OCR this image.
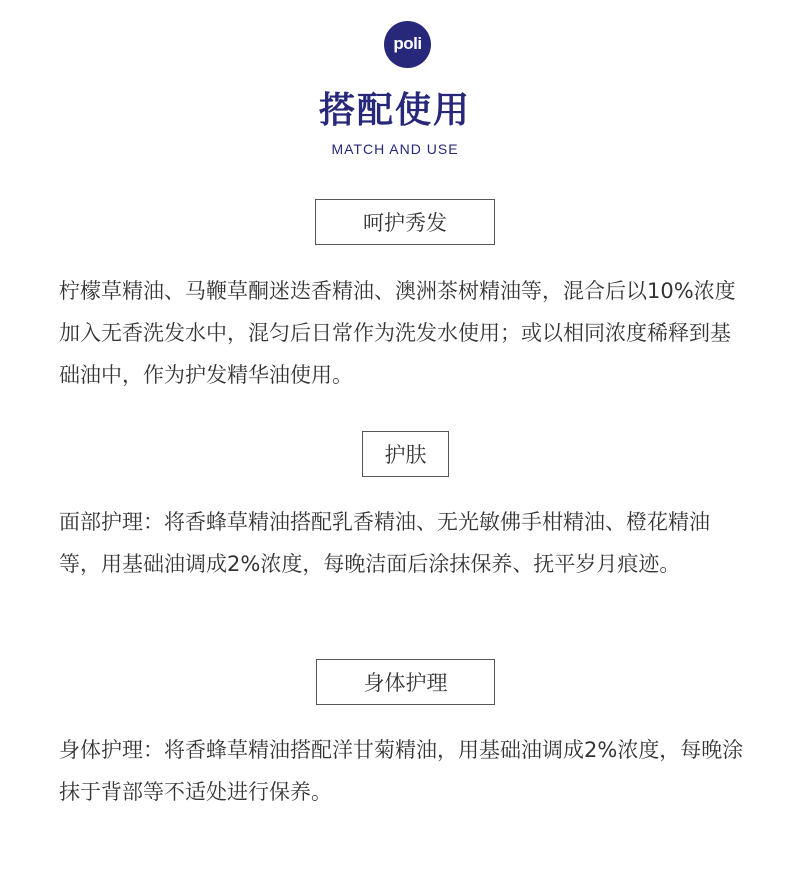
poli
搭配使用
MATCH AND USE
呵护秀发

柠檬草精油、马鞭草酮迷迭香精油、澳洲茶树精油等，混合后以10%浓度加入无香洗发水中，混匀后日常作为洗发水使用；或以相同浓度稀释到基础油中，作为护发精华油使用。

护肤

面部护理：将香蜂草精油搭配乳香精油、无光敏佛手柑精油、橙花精油等，用基础油调成2%浓度，每晚洁面后涂抹保养、抚平岁月痕迹。

身体护理

身体护理：将香蜂草精油搭配洋甘菊精油，用基础油调成2%浓度，每晚涂抹于背部等不适处进行保养。
